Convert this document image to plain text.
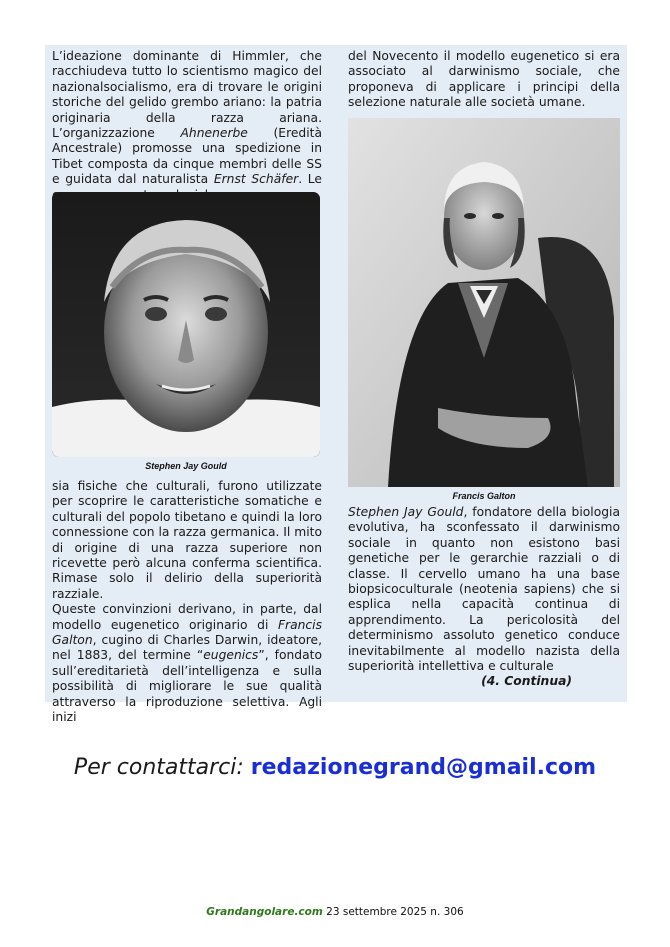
L’ideazione dominante di Himmler, che racchiudeva tutto lo scientismo magico del nazionalsocialismo, era di trovare le origini storiche del gelido grembo ariano: la patria originaria della razza ariana. L’organizzazione Ahnenerbe (Eredità Ancestrale) promosse una spedizione in Tibet composta da cinque membri delle SS e guidata dal naturalista Ernst Schäfer. Le

Stephen Jay Gould

sia fisiche che culturali, furono utilizzate per scoprire le caratteristiche somatiche e culturali del popolo tibetano e quindi la loro connessione con la razza germanica. Il mito di origine di una razza superiore non ricevette però alcuna conferma scientifica. Rimase solo il delirio della superiorità razziale.

Queste convinzioni derivano, in parte, dal modello eugenetico originario di Francis Galton, cugino di Charles Darwin, ideatore, nel 1883, del termine “eugenics”, fondato sull’ereditarietà dell’intelligenza e sulla possibilità di migliorare le sue qualità attraverso la riproduzione selettiva. Agli inizi

del Novecento il modello eugenetico si era associato al darwinismo sociale, che proponeva di applicare i principi della selezione naturale alle società umane.

Francis Galton

Stephen Jay Gould, fondatore della biologia evolutiva, ha sconfessato il darwinismo sociale in quanto non esistono basi genetiche per le gerarchie razziali o di classe. Il cervello umano ha una base biopsicoculturale (neotenia sapiens) che si esplica nella capacità continua di apprendimento. La pericolosità del determinismo assoluto genetico conduce inevitabilmente al modello nazista della superiorità intellettiva e culturale

(4. Continua)
Per contattarci: redazionegrand@gmail.com
Grandangolare.com 23 settembre 2025 n. 306
